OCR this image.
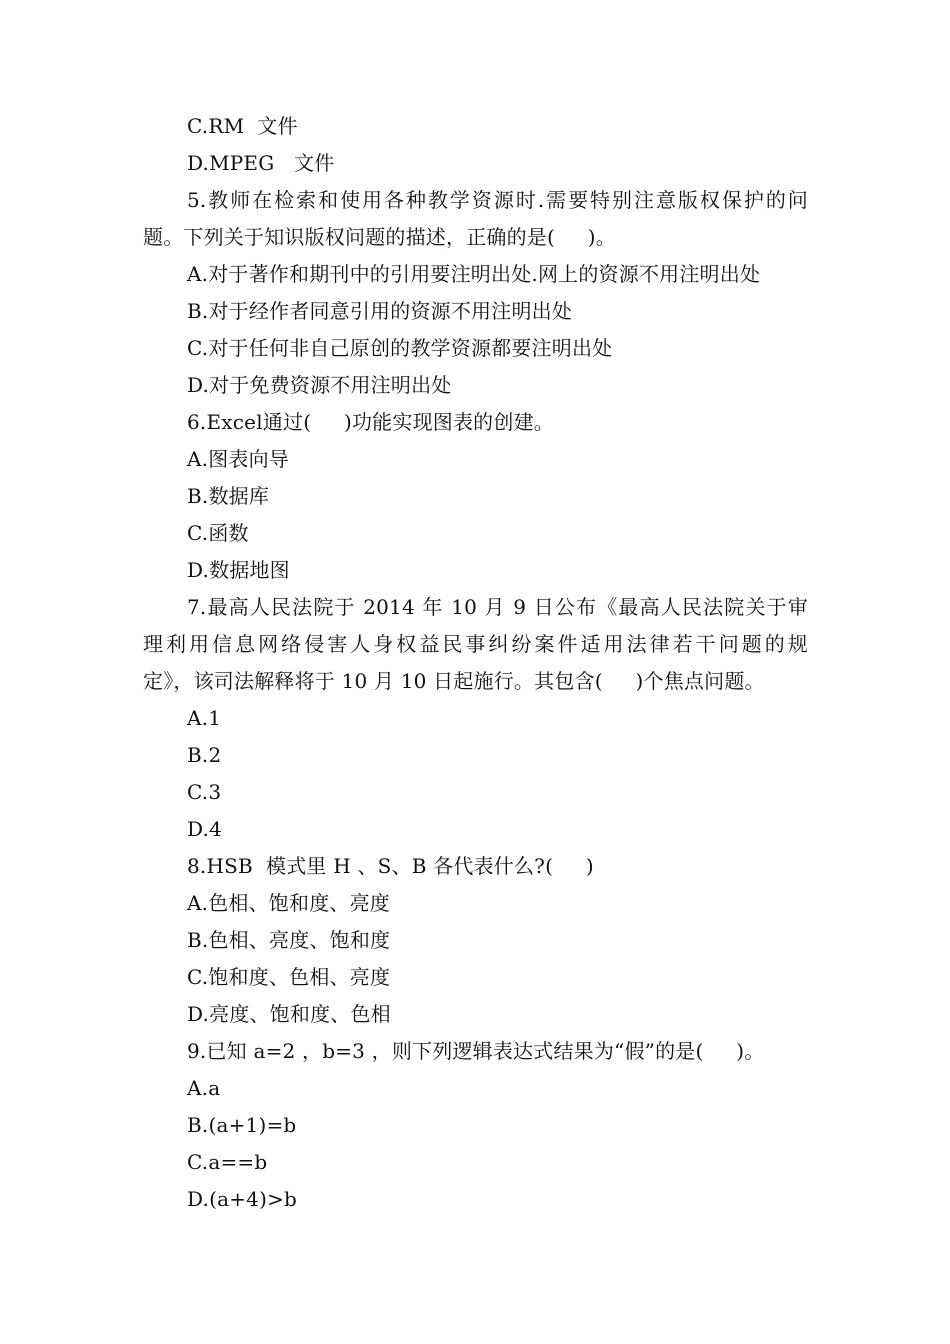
C.RM  文件
D.MPEG   文件
5.教师在检索和使用各种教学资源时.需要特别注意版权保护的问
题。下列关于知识版权问题的描述，正确的是(     )。
A.对于著作和期刊中的引用要注明出处.网上的资源不用注明出处
B.对于经作者同意引用的资源不用注明出处
C.对于任何非自己原创的教学资源都要注明出处
D.对于免费资源不用注明出处
6.Excel通过(     )功能实现图表的创建。
A.图表向导
B.数据库
C.函数
D.数据地图
7.最高人民法院于 2014 年 10 月 9 日公布《最高人民法院关于审
理利用信息网络侵害人身权益民事纠纷案件适用法律若干问题的规
定》，该司法解释将于 10 月 10 日起施行。其包含(     )个焦点问题。
A.1
B.2
C.3
D.4
8.HSB  模式里 H 、S、B 各代表什么?(     )
A.色相、饱和度、亮度
B.色相、亮度、饱和度
C.饱和度、色相、亮度
D.亮度、饱和度、色相
9.已知 a=2 ，b=3 ，则下列逻辑表达式结果为“假”的是(     )。
A.a
B.(a+1)=b
C.a==b
D.(a+4)>b
